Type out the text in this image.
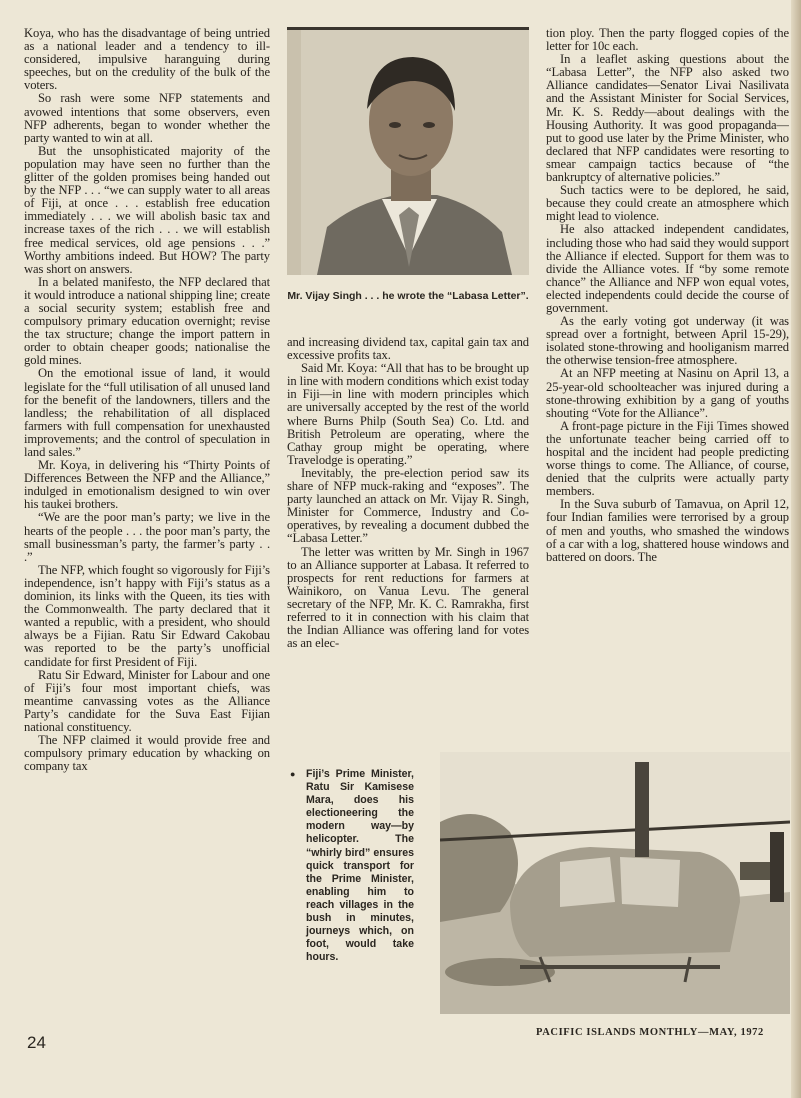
Koya, who has the disadvantage of being untried as a national leader and a tendency to ill-considered, impulsive haranguing during speeches, but on the credulity of the bulk of the voters.

So rash were some NFP statements and avowed intentions that some observers, even NFP adherents, began to wonder whether the party wanted to win at all.

But the unsophisticated majority of the population may have seen no further than the glitter of the golden promises being handed out by the NFP . . . “we can supply water to all areas of Fiji, at once . . . establish free education immediately . . . we will abolish basic tax and increase taxes of the rich . . . we will establish free medical services, old age pensions . . .” Worthy ambitions indeed. But HOW? The party was short on answers.

In a belated manifesto, the NFP declared that it would introduce a national shipping line; create a social security system; establish free and compulsory primary education overnight; revise the tax structure; change the import pattern in order to obtain cheaper goods; nationalise the gold mines.

On the emotional issue of land, it would legislate for the “full utilisation of all unused land for the benefit of the landowners, tillers and the landless; the rehabilitation of all displaced farmers with full compensation for unexhausted improvements; and the control of speculation in land sales.”

Mr. Koya, in delivering his “Thirty Points of Differences Between the NFP and the Alliance,” indulged in emotionalism designed to win over his taukei brothers.

“We are the poor man’s party; we live in the hearts of the people . . . the poor man’s party, the small businessman’s party, the farmer’s party . . .”

The NFP, which fought so vigorously for Fiji’s independence, isn’t happy with Fiji’s status as a dominion, its links with the Queen, its ties with the Commonwealth. The party declared that it wanted a republic, with a president, who should always be a Fijian. Ratu Sir Edward Cakobau was reported to be the party’s unofficial candidate for first President of Fiji.

Ratu Sir Edward, Minister for Labour and one of Fiji’s four most important chiefs, was meantime canvassing votes as the Alliance Party’s candidate for the Suva East Fijian national constituency.

The NFP claimed it would provide free and compulsory primary education by whacking on company tax

Mr. Vijay Singh . . . he wrote the “Labasa Letter”.

and increasing dividend tax, capital gain tax and excessive profits tax.

Said Mr. Koya: “All that has to be brought up in line with modern conditions which exist today in Fiji—in line with modern principles which are universally accepted by the rest of the world where Burns Philp (South Sea) Co. Ltd. and British Petroleum are operating, where the Cathay group might be operating, where Travelodge is operating.”

Inevitably, the pre-election period saw its share of NFP muck-raking and “exposes”. The party launched an attack on Mr. Vijay R. Singh, Minister for Commerce, Industry and Co-operatives, by revealing a document dubbed the “Labasa Letter.”

The letter was written by Mr. Singh in 1967 to an Alliance supporter at Labasa. It referred to prospects for rent reductions for farmers at Wainikoro, on Vanua Levu. The general secretary of the NFP, Mr. K. C. Ramrakha, first referred to it in connection with his claim that the Indian Alliance was offering land for votes as an elec-

tion ploy. Then the party flogged copies of the letter for 10c each.

In a leaflet asking questions about the “Labasa Letter”, the NFP also asked two Alliance candidates—Senator Livai Nasilivata and the Assistant Minister for Social Services, Mr. K. S. Reddy—about dealings with the Housing Authority. It was good propaganda—put to good use later by the Prime Minister, who declared that NFP candidates were resorting to smear campaign tactics because of “the bankruptcy of alternative policies.”

Such tactics were to be deplored, he said, because they could create an atmosphere which might lead to violence.

He also attacked independent candidates, including those who had said they would support the Alliance if elected. Support for them was to divide the Alliance votes. If “by some remote chance” the Alliance and NFP won equal votes, elected independents could decide the course of government.

As the early voting got underway (it was spread over a fortnight, between April 15-29), isolated stone-throwing and hooliganism marred the otherwise tension-free atmosphere.

At an NFP meeting at Nasinu on April 13, a 25-year-old schoolteacher was injured during a stone-throwing exhibition by a gang of youths shouting “Vote for the Alliance”.

A front-page picture in the Fiji Times showed the unfortunate teacher being carried off to hospital and the incident had people predicting worse things to come. The Alliance, of course, denied that the culprits were actually party members.

In the Suva suburb of Tamavua, on April 12, four Indian families were terrorised by a group of men and youths, who smashed the windows of a car with a log, shattered house windows and battered on doors. The

● Fiji’s Prime Minister, Ratu Sir Kamisese Mara, does his electioneering the modern way—by helicopter. The “whirly bird” ensures quick transport for the Prime Minister, enabling him to reach villages in the bush in minutes, journeys which, on foot, would take hours.
24
PACIFIC ISLANDS MONTHLY—MAY, 1972
